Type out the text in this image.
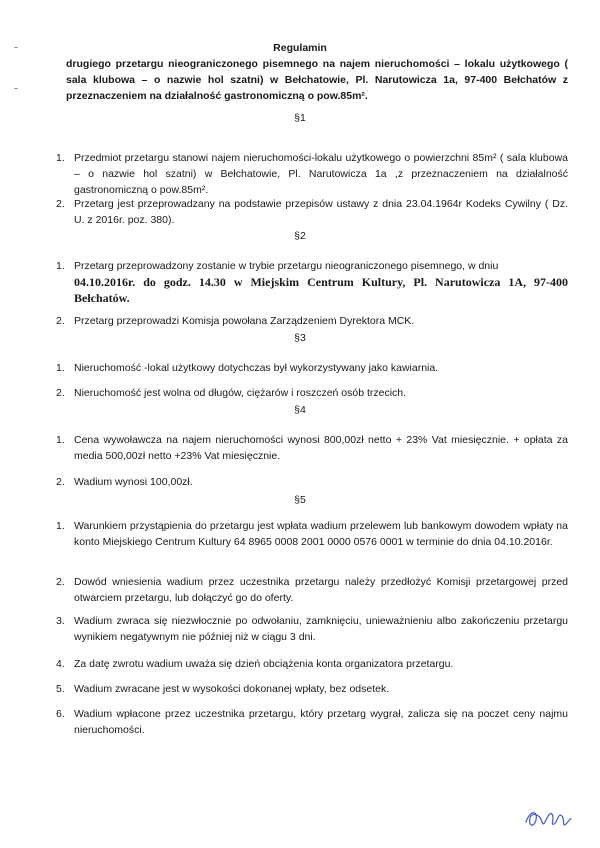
Regulamin
drugiego przetargu nieograniczonego pisemnego na najem nieruchomości – lokalu użytkowego ( sala klubowa – o nazwie hol szatni) w Bełchatowie, Pl. Narutowicza 1a, 97-400 Bełchatów z przeznaczeniem na działalność gastronomiczną o pow.85m².
§1
1. Przedmiot przetargu stanowi najem nieruchomości-lokalu użytkowego o powierzchni 85m² ( sala klubowa – o nazwie hol szatni) w Bełchatowie, Pl. Narutowicza 1a ,z przeznaczeniem na działalność gastronomiczną o pow.85m².
2. Przetarg jest przeprowadzany na podstawie przepisów ustawy z dnia 23.04.1964r Kodeks Cywilny ( Dz. U. z 2016r. poz. 380).
§2
1. Przetarg przeprowadzony zostanie w trybie przetargu nieograniczonego pisemnego, w dniu
04.10.2016r. do godz. 14.30 w Miejskim Centrum Kultury, Pl. Narutowicza 1A, 97-400 Bełchatów.
2. Przetarg przeprowadzi Komisja powołana Zarządzeniem Dyrektora MCK.
§3
1. Nieruchomość -lokal użytkowy dotychczas był wykorzystywany jako kawiarnia.
2. Nieruchomość jest wolna od długów, ciężarów i roszczeń osób trzecich.
§4
1. Cena wywoławcza na najem nieruchomości wynosi 800,00zł netto + 23% Vat miesięcznie. + opłata za media 500,00zł netto +23% Vat miesięcznie.
2. Wadium wynosi 100,00zł.
§5
1. Warunkiem przystąpienia do przetargu jest wpłata wadium przelewem lub bankowym dowodem wpłaty na konto Miejskiego Centrum Kultury 64 8965 0008 2001 0000 0576 0001 w terminie do dnia 04.10.2016r.
2. Dowód wniesienia wadium przez uczestnika przetargu należy przedłożyć Komisji przetargowej przed otwarciem przetargu, lub dołączyć go do oferty.
3. Wadium zwraca się niezwłocznie po odwołaniu, zamknięciu, unieważnieniu albo zakończeniu przetargu wynikiem negatywnym nie później niż w ciągu 3 dni.
4. Za datę zwrotu wadium uważa się dzień obciążenia konta organizatora przetargu.
5. Wadium zwracane jest w wysokości dokonanej wpłaty, bez odsetek.
6. Wadium wpłacone przez uczestnika przetargu, który przetarg wygrał, zalicza się na poczet ceny najmu nieruchomości.
